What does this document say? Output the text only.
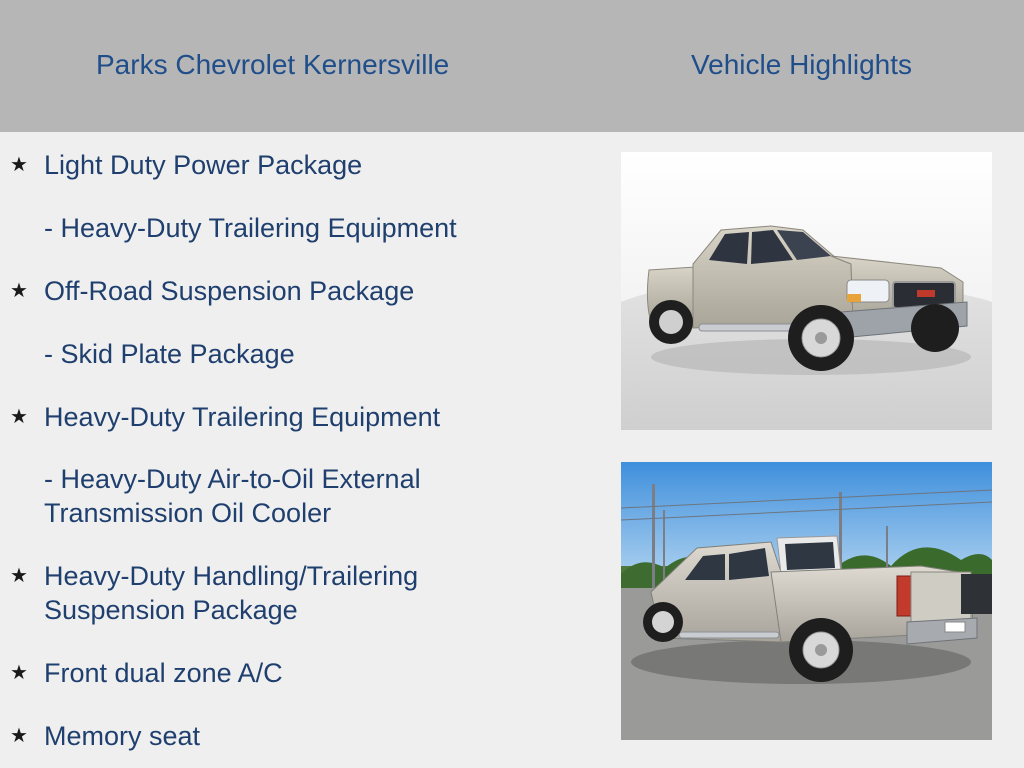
Parks Chevrolet Kernersville	Vehicle Highlights
★ Light Duty Power Package
- Heavy-Duty Trailering Equipment
★ Off-Road Suspension Package
- Skid Plate Package
★ Heavy-Duty Trailering Equipment
- Heavy-Duty Air-to-Oil External Transmission Oil Cooler
★ Heavy-Duty Handling/Trailering Suspension Package
★ Front dual zone A/C
★ Memory seat
